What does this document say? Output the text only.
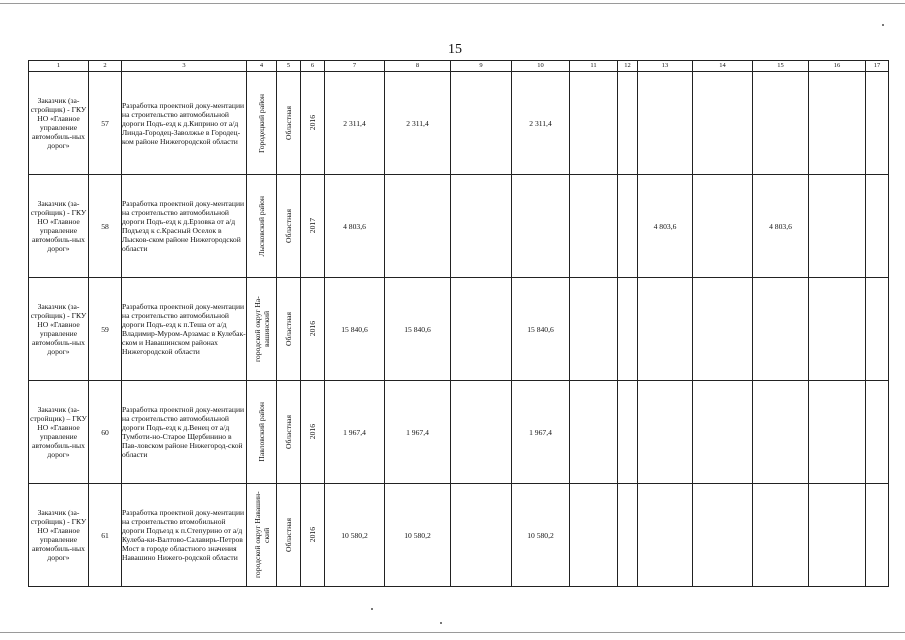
15
1	2	3	4	5	6	7	8	9	10	11	12	13	14	15	16	17
Заказчик (за-стройщик) - ГКУ НО «Главное управление автомобиль-ных дорог»	57	Разработка проектной доку-ментации на строительство автомобильной дороги Подъ-езд к д.Киприно от а/д Линда-Городец-Заволжье в Городец-ком районе Нижегородской области	Городецкий район	Областная	2016	2 311,4	2 311,4		2 311,4							
Заказчик (за-стройщик) - ГКУ НО «Главное управление автомобиль-ных дорог»	58	Разработка проектной доку-ментации на строительство автомобильной дороги Подъ-езд к д.Ерзовка от а/д Подъезд к с.Красный Оселок в Лысков-ском районе Нижегородской области	Лысковский район	Областная	2017	4 803,6						4 803,6		4 803,6		
Заказчик (за-стройщик) - ГКУ НО «Главное управление автомобиль-ных дорог»	59	Разработка проектной доку-ментации на строительство автомобильной дороги Подъ-езд к п.Теша от а/д Владимир-Муром-Арзамас в Кулебак-ском и Навашинском районах Нижегородской области	городской округ На-вашинский	Областная	2016	15 840,6	15 840,6		15 840,6							
Заказчик (за-стройщик) – ГКУ НО «Главное управление автомобиль-ных дорог»	60	Разработка проектной доку-ментации на строительство автомобильной дороги Подъ-езд к д.Венец от а/д Тумботи-но-Старое Щербинино в Пав-ловском районе Нижегород-ской области	Павловский район	Областная	2016	1 967,4	1 967,4		1 967,4							
Заказчик (за-стройщик) - ГКУ НО «Главное управление автомобиль-ных дорог»	61	Разработка проектной доку-ментации на строительство втомобильной дороги Подъезд к п.Степурино от а/д Кулеба-ки-Валтово-Салавирь-Петров Мост в городе областного значения Навашино Нижего-родской области	городской округ Навашин-ский	Областная	2016	10 580,2	10 580,2		10 580,2							
